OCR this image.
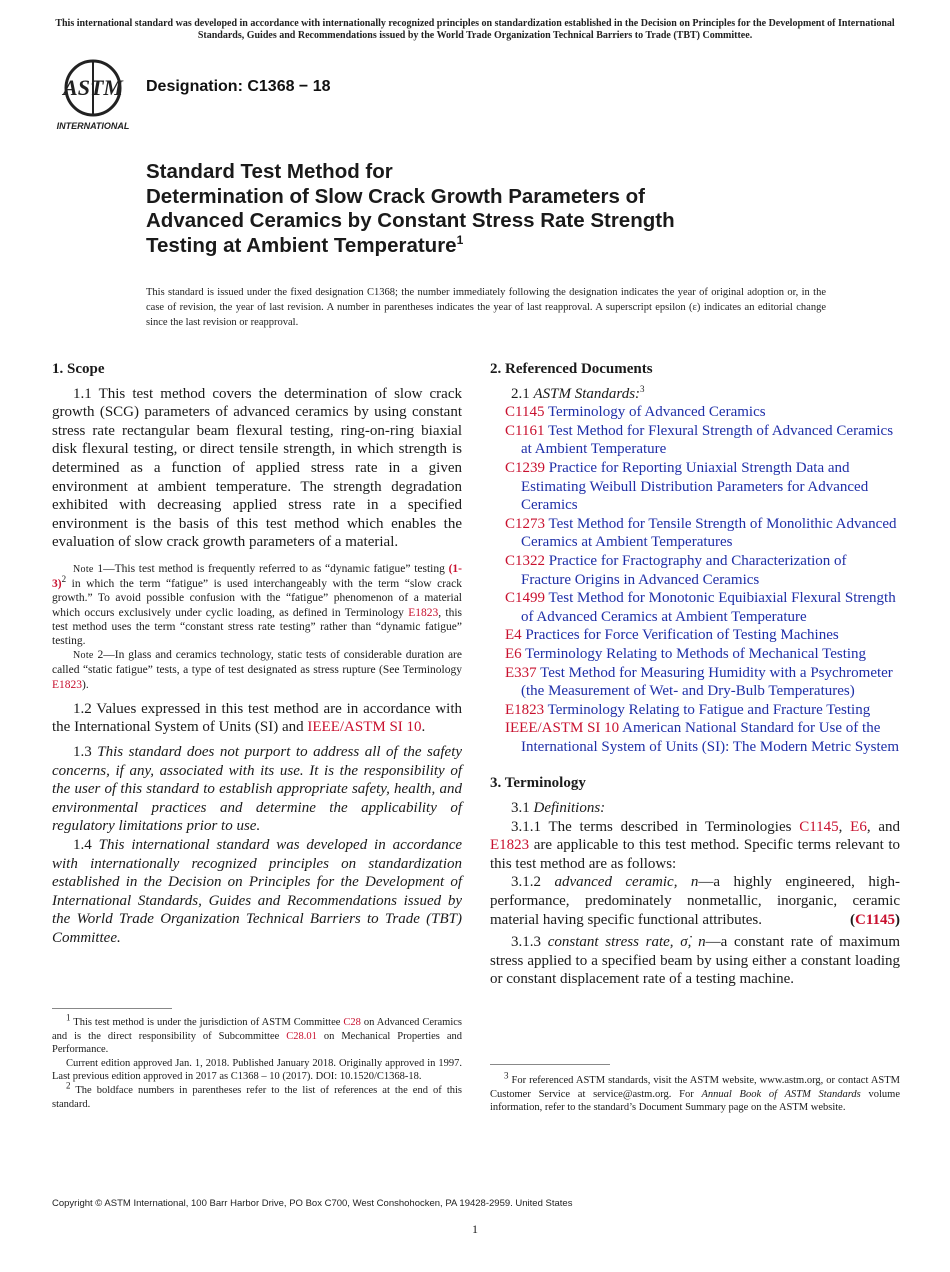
This international standard was developed in accordance with internationally recognized principles on standardization established in the Decision on Principles for the Development of International Standards, Guides and Recommendations issued by the World Trade Organization Technical Barriers to Trade (TBT) Committee.
ASTM
INTERNATIONAL
Designation: C1368 − 18
Standard Test Method for
Determination of Slow Crack Growth Parameters of
Advanced Ceramics by Constant Stress Rate Strength
Testing at Ambient Temperature$^1$
This standard is issued under the fixed designation C1368; the number immediately following the designation indicates the year of original adoption or, in the case of revision, the year of last revision. A number in parentheses indicates the year of last reapproval. A superscript epsilon (ε) indicates an editorial change since the last revision or reapproval.
1. Scope

1.1 This test method covers the determination of slow crack growth (SCG) parameters of advanced ceramics by using constant stress rate rectangular beam flexural testing, ring-on-ring biaxial disk flexural testing, or direct tensile strength, in which strength is determined as a function of applied stress rate in a given environment at ambient temperature. The strength degradation exhibited with decreasing applied stress rate in a specified environment is the basis of this test method which enables the evaluation of slow crack growth parameters of a material.

Note 1—This test method is frequently referred to as “dynamic fatigue” testing $(1-3)^2$ in which the term “fatigue” is used interchangeably with the term “slow crack growth.” To avoid possible confusion with the “fatigue” phenomenon of a material which occurs exclusively under cyclic loading, as defined in Terminology E1823, this test method uses the term “constant stress rate testing” rather than “dynamic fatigue” testing.

Note 2—In glass and ceramics technology, static tests of considerable duration are called “static fatigue” tests, a type of test designated as stress rupture (See Terminology E1823).

1.2 Values expressed in this test method are in accordance with the International System of Units (SI) and IEEE/ASTM SI 10.

1.3 This standard does not purport to address all of the safety concerns, if any, associated with its use. It is the responsibility of the user of this standard to establish appropriate safety, health, and environmental practices and determine the applicability of regulatory limitations prior to use.

1.4 This international standard was developed in accordance with internationally recognized principles on standardization established in the Decision on Principles for the Development of International Standards, Guides and Recommendations issued by the World Trade Organization Technical Barriers to Trade (TBT) Committee.

2. Referenced Documents

2.1 ASTM Standards:$^3$

C1145 Terminology of Advanced Ceramics

C1161 Test Method for Flexural Strength of Advanced Ceramics at Ambient Temperature

C1239 Practice for Reporting Uniaxial Strength Data and Estimating Weibull Distribution Parameters for Advanced Ceramics

C1273 Test Method for Tensile Strength of Monolithic Advanced Ceramics at Ambient Temperatures

C1322 Practice for Fractography and Characterization of Fracture Origins in Advanced Ceramics

C1499 Test Method for Monotonic Equibiaxial Flexural Strength of Advanced Ceramics at Ambient Temperature

E4 Practices for Force Verification of Testing Machines

E6 Terminology Relating to Methods of Mechanical Testing

E337 Test Method for Measuring Humidity with a Psychrometer (the Measurement of Wet- and Dry-Bulb Temperatures)

E1823 Terminology Relating to Fatigue and Fracture Testing

IEEE/ASTM SI 10 American National Standard for Use of the International System of Units (SI): The Modern Metric System

3. Terminology

3.1 Definitions:

3.1.1 The terms described in Terminologies C1145, E6, and E1823 are applicable to this test method. Specific terms relevant to this test method are as follows:

3.1.2 advanced ceramic, n—a highly engineered, high-performance, predominately nonmetallic, inorganic, ceramic material having specific functional attributes.	(C1145)

3.1.3 constant stress rate, σ̇, n—a constant rate of maximum stress applied to a specified beam by using either a constant loading or constant displacement rate of a testing machine.

$^1$ This test method is under the jurisdiction of ASTM Committee C28 on Advanced Ceramics and is the direct responsibility of Subcommittee C28.01 on Mechanical Properties and Performance.

Current edition approved Jan. 1, 2018. Published January 2018. Originally approved in 1997. Last previous edition approved in 2017 as C1368 – 10 (2017). DOI: 10.1520/C1368-18.

$^2$ The boldface numbers in parentheses refer to the list of references at the end of this standard.

$^3$ For referenced ASTM standards, visit the ASTM website, www.astm.org, or contact ASTM Customer Service at service@astm.org. For Annual Book of ASTM Standards volume information, refer to the standard’s Document Summary page on the ASTM website.

Copyright © ASTM International, 100 Barr Harbor Drive, PO Box C700, West Conshohocken, PA 19428-2959. United States
1
